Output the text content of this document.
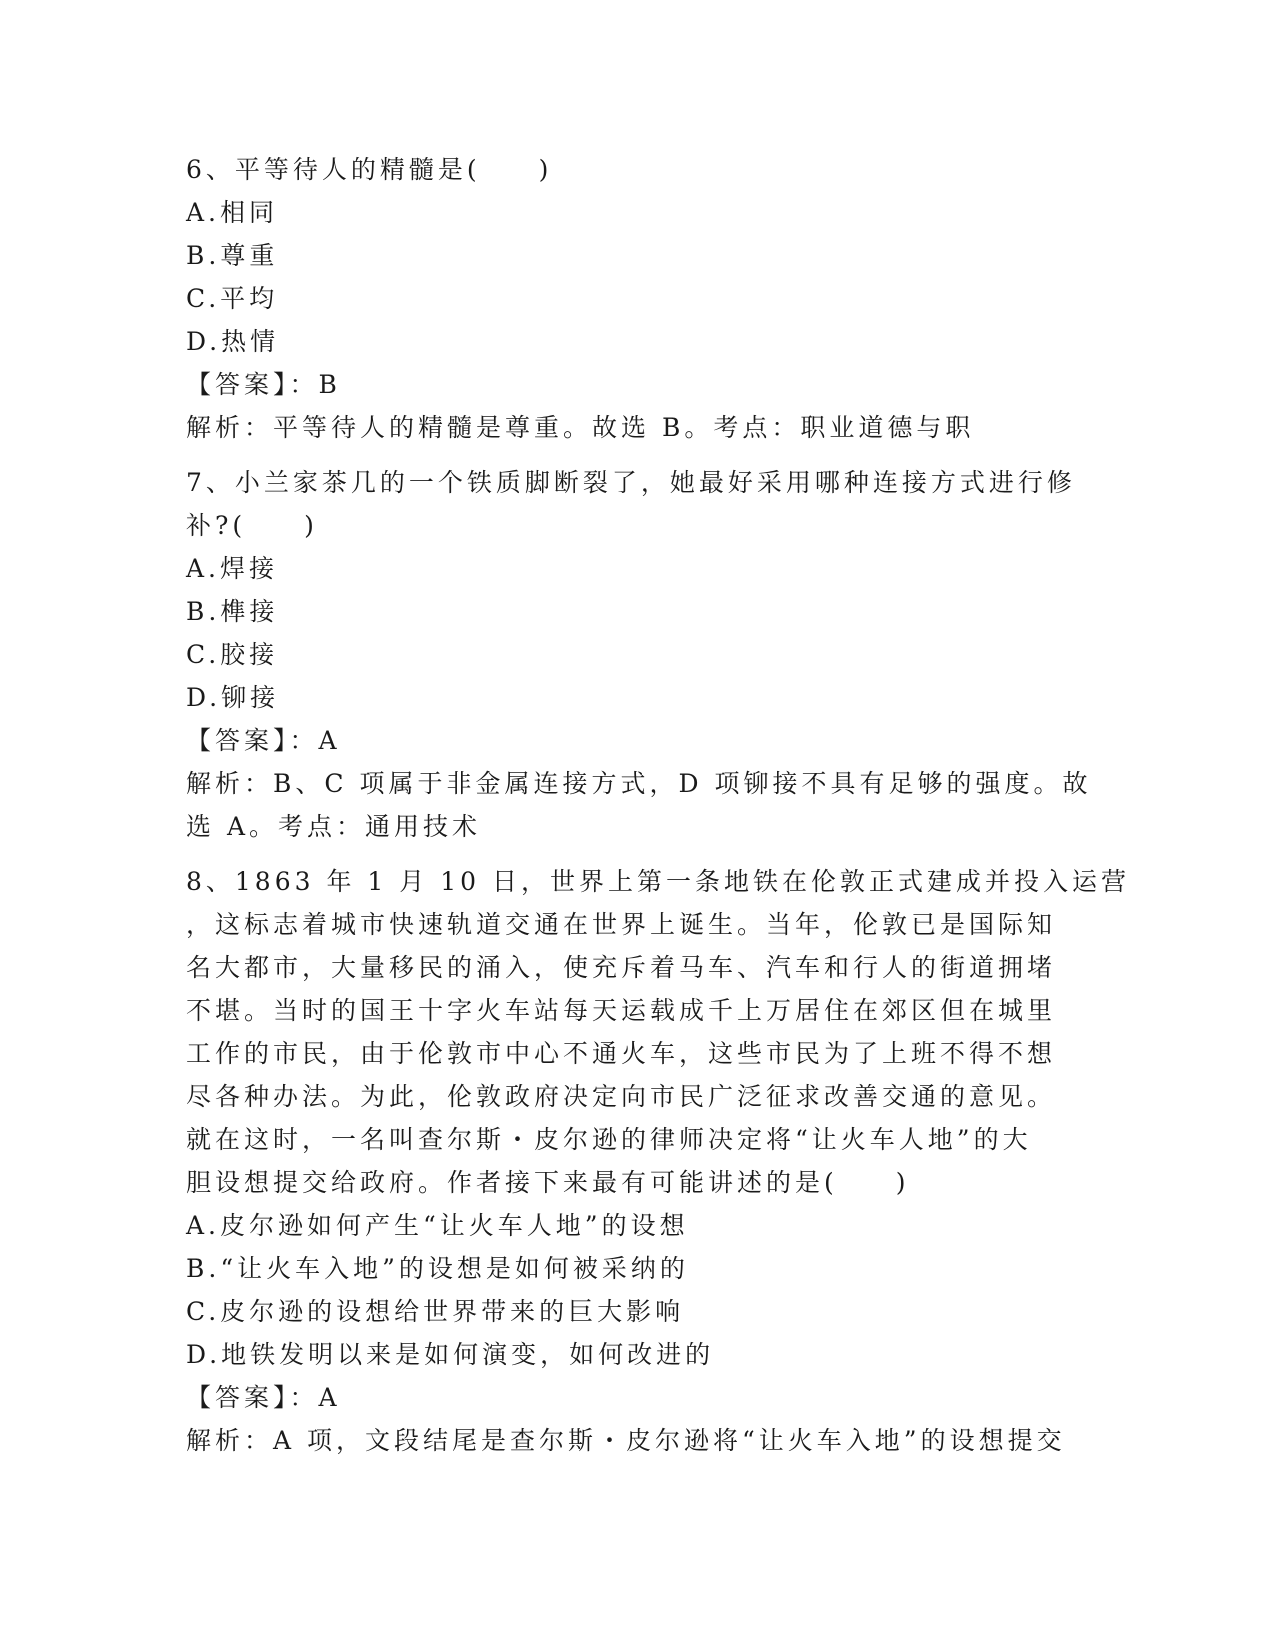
6、平等待人的精髓是(　　)
A.相同
B.尊重
C.平均
D.热情
【答案】：B
解析：平等待人的精髓是尊重。故选 B。考点：职业道德与职
7、小兰家茶几的一个铁质脚断裂了，她最好采用哪种连接方式进行修
补?(　　)
A.焊接
B.榫接
C.胶接
D.铆接
【答案】：A
解析：B、C 项属于非金属连接方式，D 项铆接不具有足够的强度。故
选 A。考点：通用技术
8、1863 年 1 月 10 日，世界上第一条地铁在伦敦正式建成并投入运营
，这标志着城市快速轨道交通在世界上诞生。当年，伦敦已是国际知
名大都市，大量移民的涌入，使充斥着马车、汽车和行人的街道拥堵
不堪。当时的国王十字火车站每天运载成千上万居住在郊区但在城里
工作的市民，由于伦敦市中心不通火车，这些市民为了上班不得不想
尽各种办法。为此，伦敦政府决定向市民广泛征求改善交通的意见。
就在这时，一名叫查尔斯・皮尔逊的律师决定将“让火车人地”的大
胆设想提交给政府。作者接下来最有可能讲述的是(　　)
A.皮尔逊如何产生“让火车人地”的设想
B.“让火车入地”的设想是如何被采纳的
C.皮尔逊的设想给世界带来的巨大影响
D.地铁发明以来是如何演变，如何改进的
【答案】：A
解析：A 项，文段结尾是查尔斯・皮尔逊将“让火车入地”的设想提交
